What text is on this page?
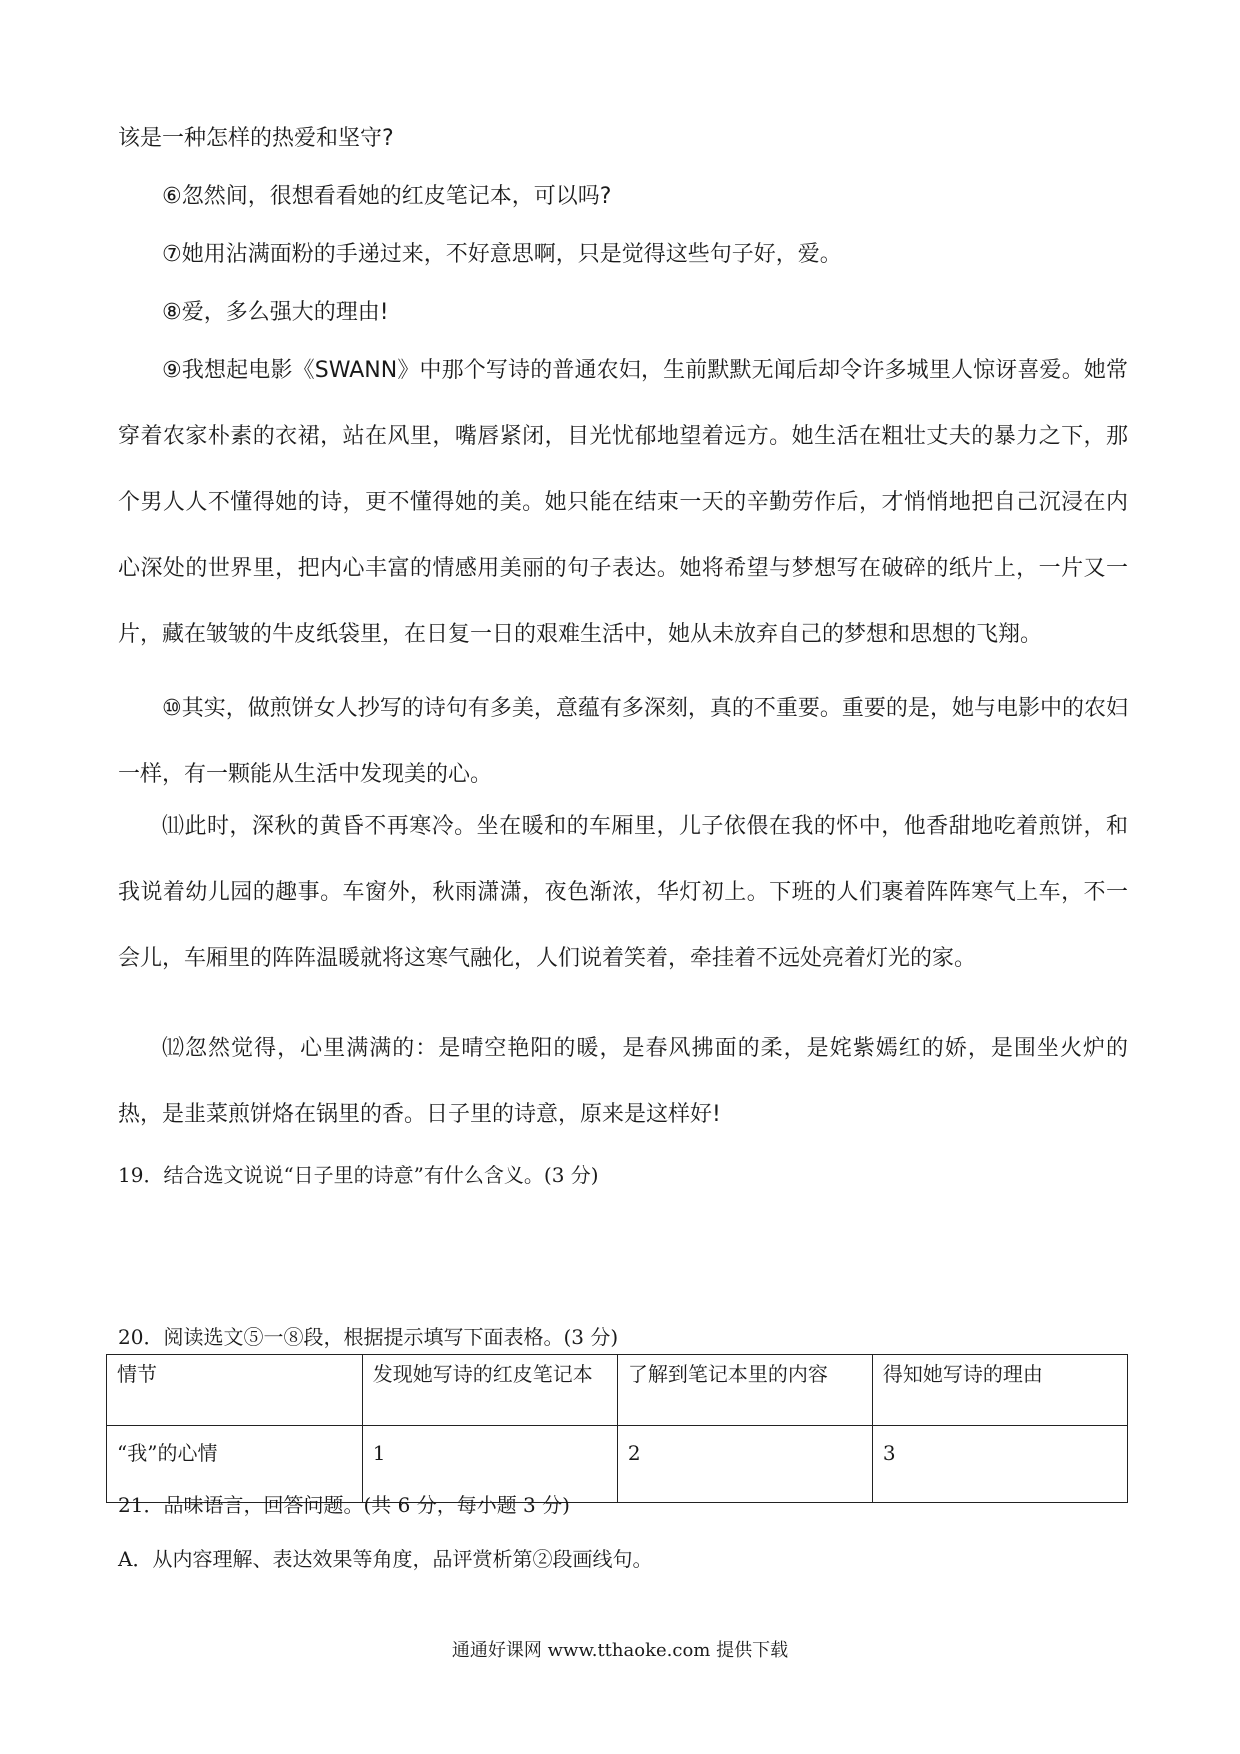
该是一种怎样的热爱和坚守?

⑥忽然间，很想看看她的红皮笔记本，可以吗?

⑦她用沾满面粉的手递过来，不好意思啊，只是觉得这些句子好，爱。

⑧爱，多么强大的理由!

⑨我想起电影《SWANN》中那个写诗的普通农妇，生前默默无闻后却令许多城里人惊讶喜爱。她常穿着农家朴素的衣裙，站在风里，嘴唇紧闭，目光忧郁地望着远方。她生活在粗壮丈夫的暴力之下，那个男人人不懂得她的诗，更不懂得她的美。她只能在结束一天的辛勤劳作后，才悄悄地把自己沉浸在内心深处的世界里，把内心丰富的情感用美丽的句子表达。她将希望与梦想写在破碎的纸片上，一片又一片，藏在皱皱的牛皮纸袋里，在日复一日的艰难生活中，她从未放弃自己的梦想和思想的飞翔。

⑩其实，做煎饼女人抄写的诗句有多美，意蕴有多深刻，真的不重要。重要的是，她与电影中的农妇一样，有一颗能从生活中发现美的心。

⑾此时，深秋的黄昏不再寒冷。坐在暖和的车厢里，儿子依偎在我的怀中，他香甜地吃着煎饼，和我说着幼儿园的趣事。车窗外，秋雨潇潇，夜色渐浓，华灯初上。下班的人们裹着阵阵寒气上车，不一会儿，车厢里的阵阵温暖就将这寒气融化，人们说着笑着，牵挂着不远处亮着灯光的家。

⑿忽然觉得，心里满满的：是晴空艳阳的暖，是春风拂面的柔，是姹紫嫣红的娇，是围坐火炉的热，是韭菜煎饼烙在锅里的香。日子里的诗意，原来是这样好!

19．结合选文说说“日子里的诗意”有什么含义。(3 分)

20．阅读选文⑤一⑧段，根据提示填写下面表格。(3 分)

情节	发现她写诗的红皮笔记本	了解到笔记本里的内容	得知她写诗的理由
“我”的心情	1	2	3

21．品味语言，回答问题。(共 6 分，每小题 3 分)

A．从内容理解、表达效果等角度，品评赏析第②段画线句。

通通好课网 www.tthaoke.com 提供下载
